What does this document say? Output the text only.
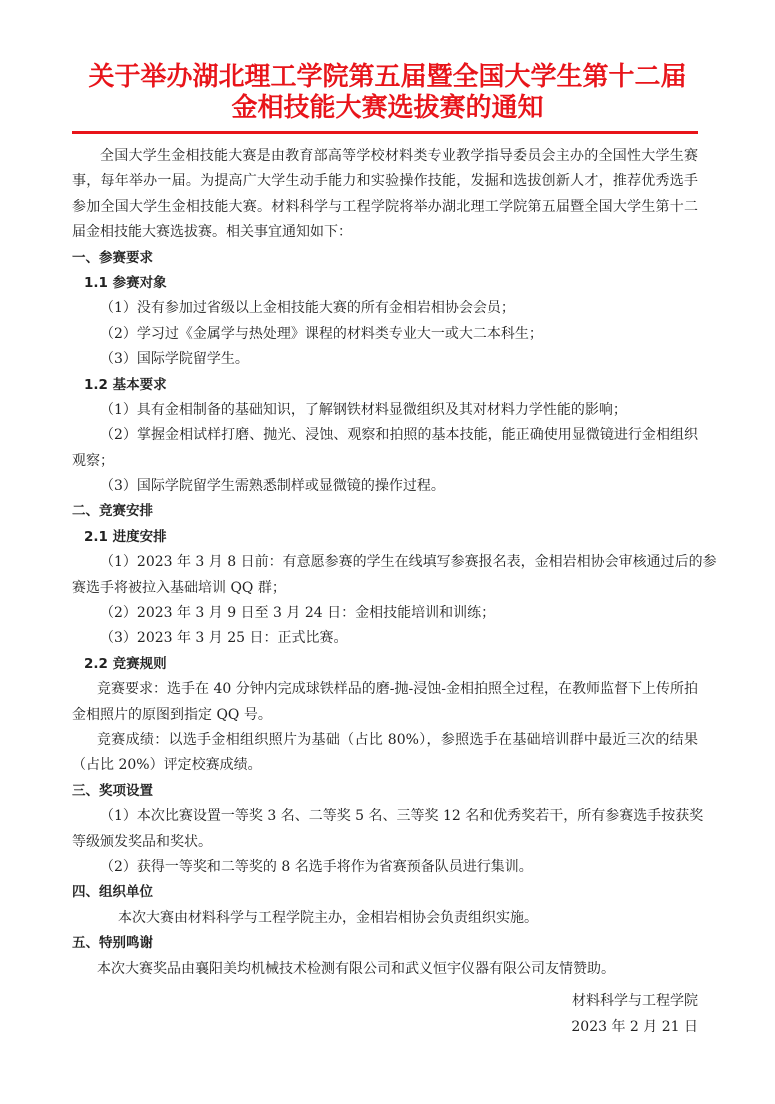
关于举办湖北理工学院第五届暨全国大学生第十二届
金相技能大赛选拔赛的通知
全国大学生金相技能大赛是由教育部高等学校材料类专业教学指导委员会主办的全国性大学生赛
事，每年举办一届。为提高广大学生动手能力和实验操作技能，发掘和选拔创新人才，推荐优秀选手
参加全国大学生金相技能大赛。材料科学与工程学院将举办湖北理工学院第五届暨全国大学生第十二
届金相技能大赛选拔赛。相关事宜通知如下：
一、参赛要求
1.1 参赛对象
（1）没有参加过省级以上金相技能大赛的所有金相岩相协会会员；
（2）学习过《金属学与热处理》课程的材料类专业大一或大二本科生；
（3）国际学院留学生。
1.2 基本要求
（1）具有金相制备的基础知识，了解钢铁材料显微组织及其对材料力学性能的影响；
（2）掌握金相试样打磨、抛光、浸蚀、观察和拍照的基本技能，能正确使用显微镜进行金相组织
观察；
（3）国际学院留学生需熟悉制样或显微镜的操作过程。
二、竞赛安排
2.1 进度安排
（1）2023 年 3 月 8 日前：有意愿参赛的学生在线填写参赛报名表，金相岩相协会审核通过后的参
赛选手将被拉入基础培训 QQ 群；
（2）2023 年 3 月 9 日至 3 月 24 日：金相技能培训和训练；
（3）2023 年 3 月 25 日：正式比赛。
2.2 竞赛规则
竞赛要求：选手在 40 分钟内完成球铁样品的磨-抛-浸蚀-金相拍照全过程，在教师监督下上传所拍
金相照片的原图到指定 QQ 号。
竞赛成绩：以选手金相组织照片为基础（占比 80%），参照选手在基础培训群中最近三次的结果
（占比 20%）评定校赛成绩。
三、奖项设置
（1）本次比赛设置一等奖 3 名、二等奖 5 名、三等奖 12 名和优秀奖若干，所有参赛选手按获奖
等级颁发奖品和奖状。
（2）获得一等奖和二等奖的 8 名选手将作为省赛预备队员进行集训。
四、组织单位
本次大赛由材料科学与工程学院主办，金相岩相协会负责组织实施。
五、特别鸣谢
本次大赛奖品由襄阳美均机械技术检测有限公司和武义恒宇仪器有限公司友情赞助。
材料科学与工程学院
2023 年 2 月 21 日
